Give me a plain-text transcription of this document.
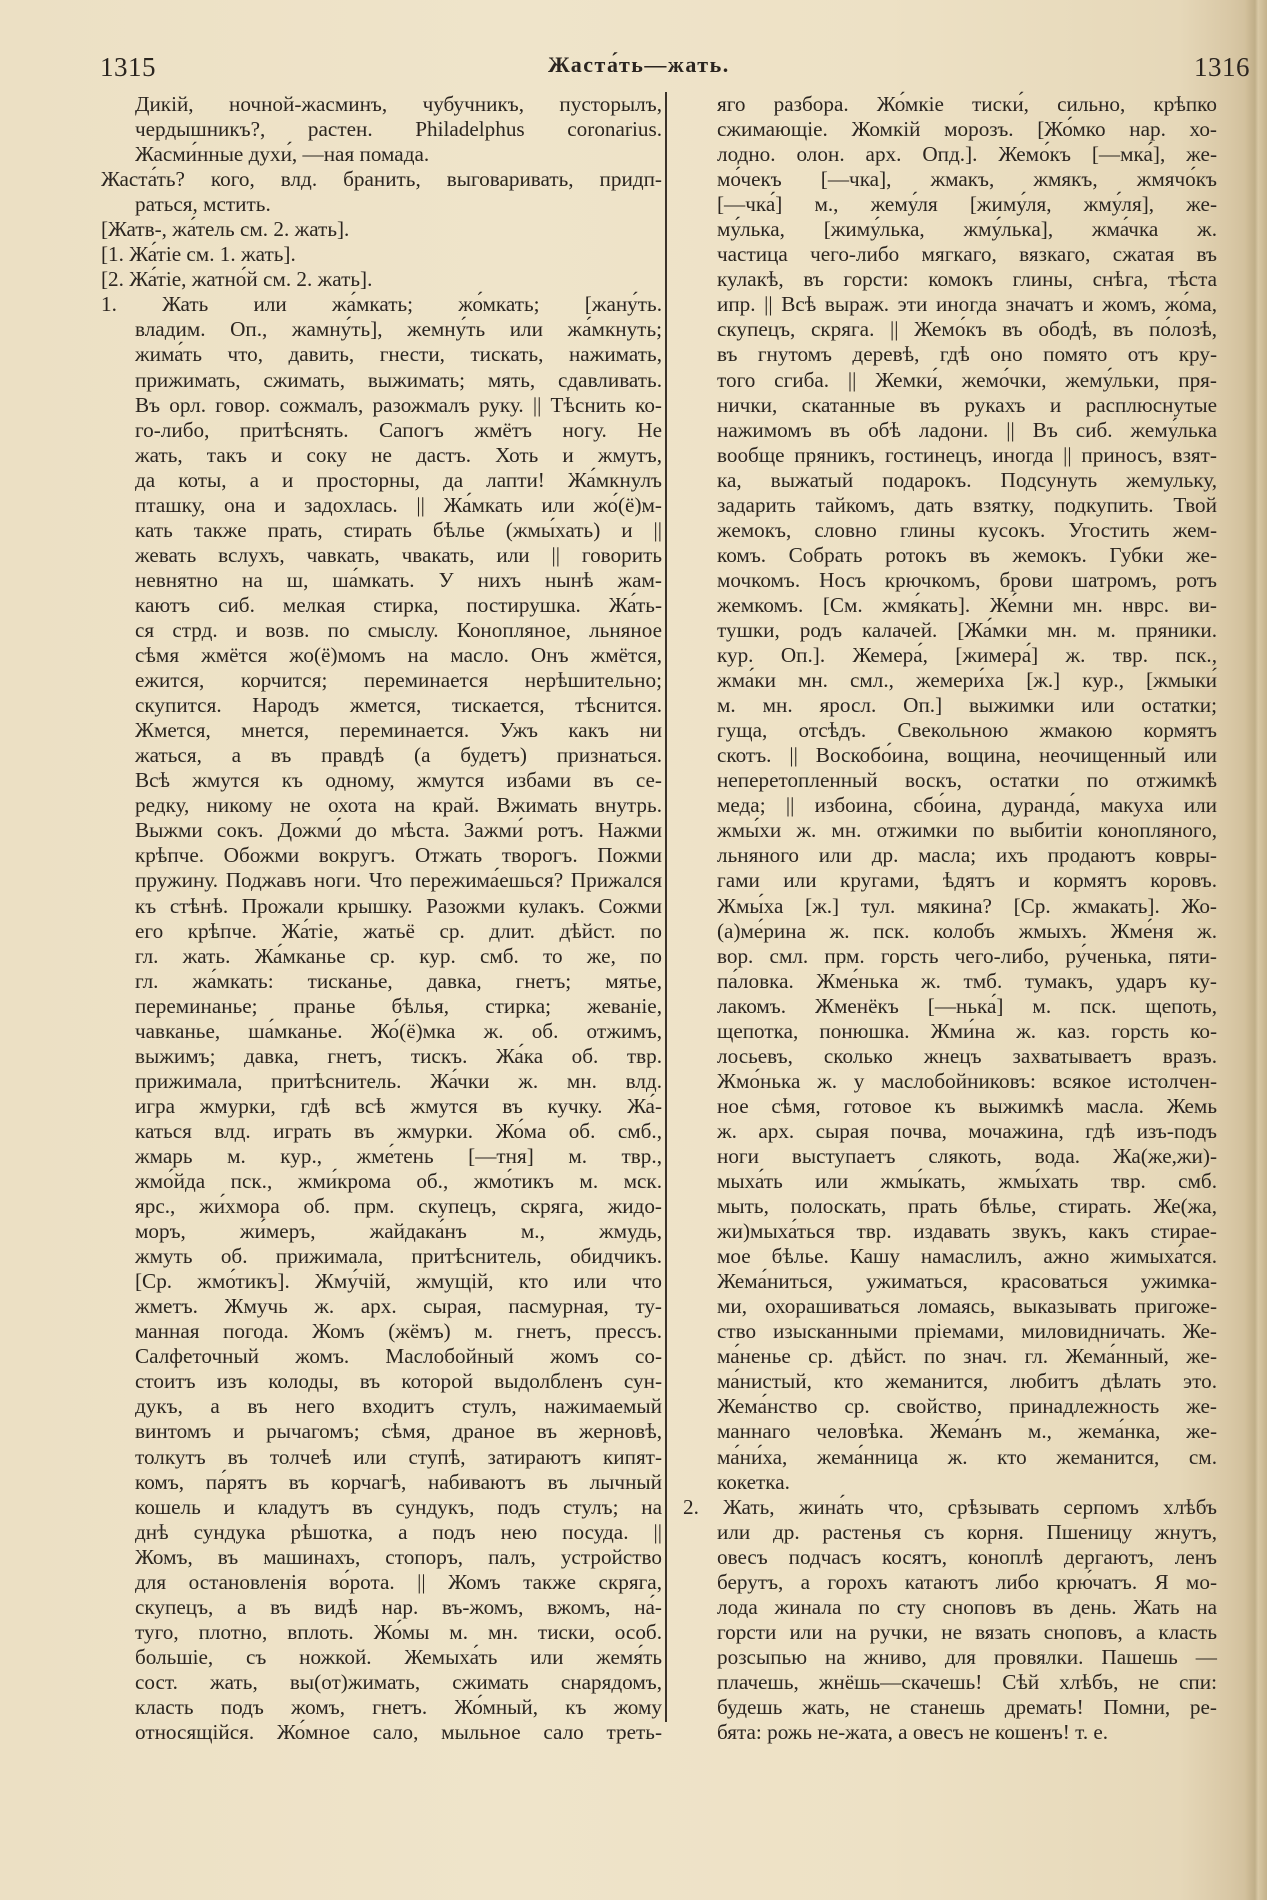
1315	Жаста́ть—жать.	1316
Дикій, ночной-жасминъ, чубучникъ, пусторылъ,
чердышникъ?, растен. Philadelphus coronarius.
Жасми́нные духи́, —ная помада.
Жаста́ть? кого, влд. бранить, выговаривать, придп-
раться, мстить.
[Жатв-, жа́тель см. 2. жать].
[1. Жа́тіе см. 1. жать].
[2. Жа́тіе, жатно́й см. 2. жать].
1. Жать или жа́мкать; жо́мкать; [жану́ть.
владим. Оп., жамну́ть], жемну́ть или жа́мкнуть;
жима́ть что, давить, гнести, тискать, нажимать,
прижимать, сжимать, выжимать; мять, сдавливать.
Въ орл. говор. сожмалъ, разожмалъ руку. || Тѣснить ко-
го-либо, притѣснять. Сапогъ жмётъ ногу. Не
жать, такъ и соку не дастъ. Хоть и жмутъ,
да коты, а и просторны, да лапти! Жа́мкнулъ
пташку, она и задохлась. || Жа́мкать или жо́(ё)м-
кать также прать, стирать бѣлье (жмы́хать) и ||
жевать вслухъ, чавкать, чвакать, или || говорить
невнятно на ш, ша́мкать. У нихъ нынѣ жам-
каютъ сиб. мелкая стирка, постирушка. Жа́ть-
ся стрд. и возв. по смыслу. Конопляное, льняное
сѣмя жмётся жо(ё)момъ на масло. Онъ жмётся,
ежится, корчится; переминается нерѣшительно;
скупится. Народъ жмется, тискается, тѣснится.
Жмется, мнется, переминается. Ужъ какъ ни
жаться, а въ правдѣ (а будетъ) признаться.
Всѣ жмутся къ одному, жмутся избами въ се-
редку, никому не охота на край. Вжимать внутрь.
Выжми сокъ. Дожми́ до мѣста. Зажми́ ротъ. Нажми
крѣпче. Обожми вокругъ. Отжать творогъ. Пожми
пружину. Поджавъ ноги. Что пережима́ешься? Прижался
къ стѣнѣ. Прожали крышку. Разожми кулакъ. Сожми
его крѣпче. Жа́тіе, жатьё ср. длит. дѣйст. по
гл. жать. Жа́мканье ср. кур. смб. то же, по
гл. жа́мкать: тисканье, давка, гнетъ; мятье,
переминанье; пранье бѣлья, стирка; жеваніе,
чавканье, ша́мканье. Жо́(ё)мка ж. об. отжимъ,
выжимъ; давка, гнетъ, тискъ. Жа́ка об. твр.
прижимала, притѣснитель. Жа́чки ж. мн. влд.
игра жмурки, гдѣ всѣ жмутся въ кучку. Жа́-
каться влд. играть въ жмурки. Жо́ма об. смб.,
жмарь м. кур., жме́тень [—тня] м. твр.,
жмо́йда пск., жми́крома об., жмо́тикъ м. мск.
ярс., жи́хмора об. прм. скупецъ, скряга, жидо-
моръ, жи́меръ, жайдака́нъ м., жмудь,
жмуть об. прижимала, притѣснитель, обидчикъ.
[Ср. жмо́тикъ]. Жму́чій, жмущій, кто или что
жметъ. Жмучь ж. арх. сырая, пасмурная, ту-
манная погода. Жомъ (жёмъ) м. гнетъ, прессъ.
Салфеточный жомъ. Маслобойный жомъ со-
стоитъ изъ колоды, въ которой выдолбленъ сун-
дукъ, а въ него входитъ стулъ, нажимаемый
винтомъ и рычагомъ; сѣмя, драное въ жерновѣ,
толкутъ въ толчеѣ или ступѣ, затираютъ кипят-
комъ, па́рятъ въ корчагѣ, набиваютъ въ лычный
кошель и кладутъ въ сундукъ, подъ стулъ; на
днѣ сундука рѣшотка, а подъ нею посуда. ||
Жомъ, въ машинахъ, стопоръ, палъ, устройство
для остановленія во́рота. || Жомъ также скряга,
скупецъ, а въ видѣ нар. въ-жомъ, вжомъ, на́-
туго, плотно, вплоть. Жо́мы м. мн. тиски, особ.
большіе, съ ножкой. Жемыха́ть или жемя́ть
сост. жать, вы(от)жимать, сжимать снарядомъ,
класть подъ жомъ, гнетъ. Жо́мный, къ жому
относящійся. Жо́мное сало, мыльное сало треть-
яго разбора. Жо́мкіе тиски́, сильно, крѣпко
сжимающіе. Жомкій морозъ. [Жо́мко нар. хо-
лодно. олон. арх. Опд.]. Жемо́къ [—мка́], же-
мо́чекъ [—чка], жмакъ, жмякъ, жмячо́къ
[—чка́] м., жему́ля [жиму́ля, жму́ля], же-
му́лька, [жиму́лька, жму́лька], жма́чка ж.
частица чего-либо мягкаго, вязкаго, сжатая въ
кулакѣ, въ горсти: комокъ глины, снѣга, тѣста
ипр. || Всѣ выраж. эти иногда значатъ и жомъ, жо́ма,
скупецъ, скряга. || Жемо́къ въ ободѣ, въ по́лозѣ,
въ гнутомъ деревѣ, гдѣ оно помято отъ кру-
того сгиба. || Жемки́, жемо́чки, жему́льки, пря-
нички, скатанные въ рукахъ и расплюснутые
нажимомъ въ обѣ ладони. || Въ сиб. жему́лька
вообще пряникъ, гостинецъ, иногда || приносъ, взят-
ка, выжатый подарокъ. Подсунуть жемульку,
задарить тайкомъ, дать взятку, подкупить. Твой
жемокъ, словно глины кусокъ. Угостить жем-
комъ. Собрать ротокъ въ жемокъ. Губки же-
мочкомъ. Носъ крючкомъ, брови шатромъ, ротъ
жемкомъ. [См. жмя́кать]. Же́мни мн. нврс. ви-
тушки, родъ калачей. [Жа́мки мн. м. пряники.
кур. Оп.]. Жемера́, [жимера́] ж. твр. пск.,
жма́ки мн. смл., жемери́ха [ж.] кур., [жмыки́
м. мн. яросл. Оп.] выжимки или остатки;
гуща, отсѣдъ. Свекольною жмакою кормятъ
скотъ. || Воскобо́ина, вощина, неочищенный или
неперетопленный воскъ, остатки по отжимкѣ
меда; || избоина, сбо́ина, дуранда́, макуха или
жмы́хи ж. мн. отжимки по выбитіи конопляного,
льняного или др. масла; ихъ продаютъ ковры-
гами или кругами, ѣдятъ и кормятъ коровъ.
Жмы́ха [ж.] тул. мякина? [Ср. жмакать]. Жо-
(а)ме́рина ж. пск. колобъ жмыхъ. Жме́ня ж.
вор. смл. прм. горсть чего-либо, ру́ченька, пяти-
па́ловка. Жме́нька ж. тмб. тумакъ, ударъ ку-
лакомъ. Жменёкъ [—нька́] м. пск. щепоть,
щепотка, понюшка. Жми́на ж. каз. горсть ко-
лосьевъ, сколько жнецъ захватываетъ вразъ.
Жмо́нька ж. у маслобойниковъ: всякое истолчен-
ное сѣмя, готовое къ выжимкѣ масла. Жемь
ж. арх. сырая почва, мочажина, гдѣ изъ-подъ
ноги выступаетъ слякоть, вода. Жа(же,жи)-
мыха́ть или жмы́кать, жмы́хать твр. смб.
мыть, полоскать, прать бѣлье, стирать. Же(жа,
жи)мыха́ться твр. издавать звукъ, какъ стирае-
мое бѣлье. Кашу намаслилъ, ажно жимыха́тся.
Жема́ниться, ужиматься, красоваться ужимка-
ми, охорашиваться ломаясь, выказывать пригоже-
ство изысканными пріемами, миловидничать. Же-
ма́ненье ср. дѣйст. по знач. гл. Жема́нный, же-
ма́нистый, кто жеманится, любитъ дѣлать это.
Жема́нство ср. свойство, принадлежность же-
маннаго человѣка. Жема́нъ м., жема́нка, же-
ма́ни́ха, жема́нница ж. кто жеманится, см.
кокетка.
2. Жать, жина́ть что, срѣзывать серпомъ хлѣбъ
или др. растенья съ корня. Пшеницу жнутъ,
овесъ подчасъ косятъ, коноплѣ дергаютъ, ленъ
берутъ, а горохъ катаютъ либо крю́чатъ. Я мо-
лода жинала по сту сноповъ въ день. Жать на
горсти или на ручки, не вязать сноповъ, а класть
розсыпью на жниво, для провялки. Пашешь —
плачешь, жнёшь—скачешь! Сѣй хлѣбъ, не спи:
будешь жать, не станешь дремать! Помни, ре-
бята: рожь не-жата, а овесъ не кошенъ! т. е.
